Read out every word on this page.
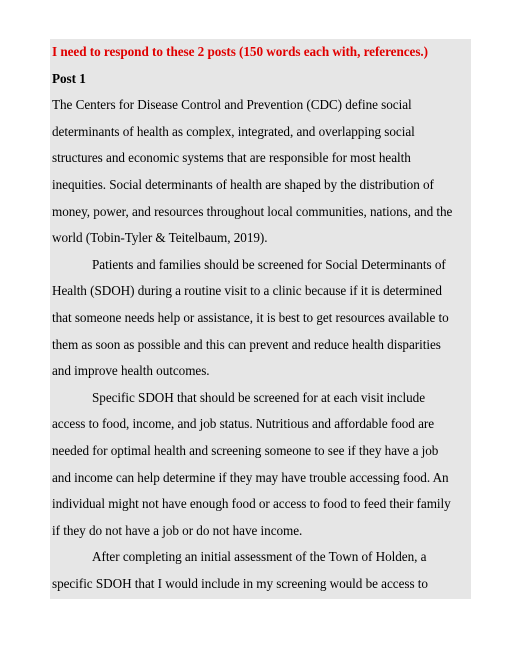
I need to respond to these 2 posts (150 words each with, references.)
Post 1
The Centers for Disease Control and Prevention (CDC) define social
determinants of health as complex, integrated, and overlapping social
structures and economic systems that are responsible for most health
inequities. Social determinants of health are shaped by the distribution of
money, power, and resources throughout local communities, nations, and the
world (Tobin-Tyler & Teitelbaum, 2019).
Patients and families should be screened for Social Determinants of
Health (SDOH) during a routine visit to a clinic because if it is determined
that someone needs help or assistance, it is best to get resources available to
them as soon as possible and this can prevent and reduce health disparities
and improve health outcomes.
Specific SDOH that should be screened for at each visit include
access to food, income, and job status. Nutritious and affordable food are
needed for optimal health and screening someone to see if they have a job
and income can help determine if they may have trouble accessing food. An
individual might not have enough food or access to food to feed their family
if they do not have a job or do not have income.
After completing an initial assessment of the Town of Holden, a
specific SDOH that I would include in my screening would be access to
